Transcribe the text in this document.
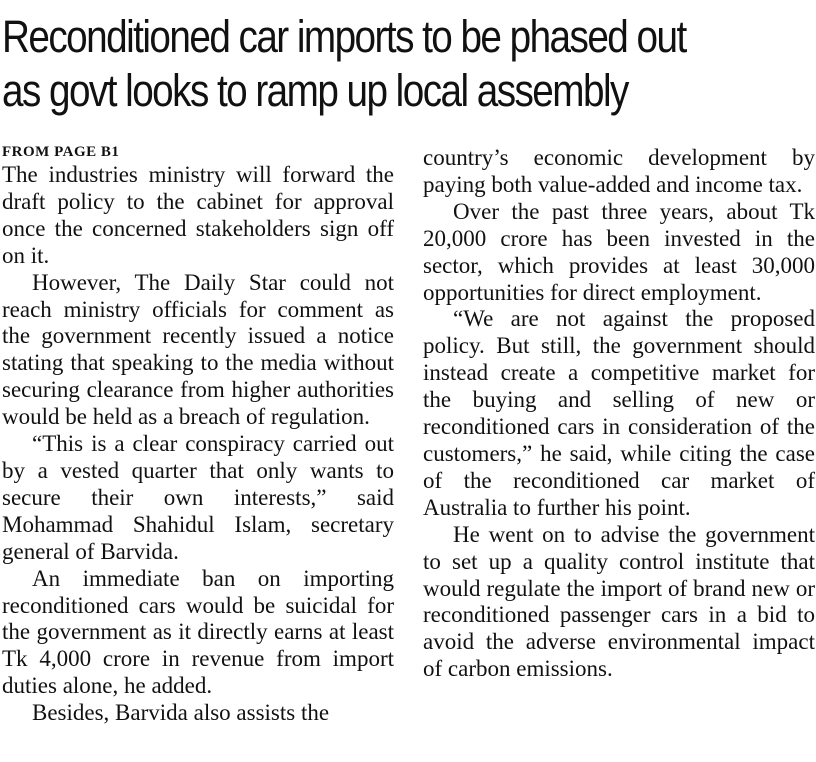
Reconditioned car imports to be phased out
as govt looks to ramp up local assembly
FROM PAGE B1

The industries ministry will forward the draft policy to the cabinet for approval once the concerned stakeholders sign off on it.

However, The Daily Star could not reach ministry officials for comment as the government recently issued a notice stating that speaking to the media without securing clearance from higher authorities would be held as a breach of regulation.

“This is a clear conspiracy carried out by a vested quarter that only wants to secure their own interests,” said Mohammad Shahidul Islam, secretary general of Barvida.

An immediate ban on importing reconditioned cars would be suicidal for the government as it directly earns at least Tk 4,000 crore in revenue from import duties alone, he added.

Besides, Barvida also assists the

country’s economic development by paying both value-added and income tax.

Over the past three years, about Tk 20,000 crore has been invested in the sector, which provides at least 30,000 opportunities for direct employment.

“We are not against the proposed policy. But still, the government should instead create a competitive market for the buying and selling of new or reconditioned cars in consideration of the customers,” he said, while citing the case of the reconditioned car market of Australia to further his point.

He went on to advise the government to set up a quality control institute that would regulate the import of brand new or reconditioned passenger cars in a bid to avoid the adverse environmental impact of carbon emissions.
